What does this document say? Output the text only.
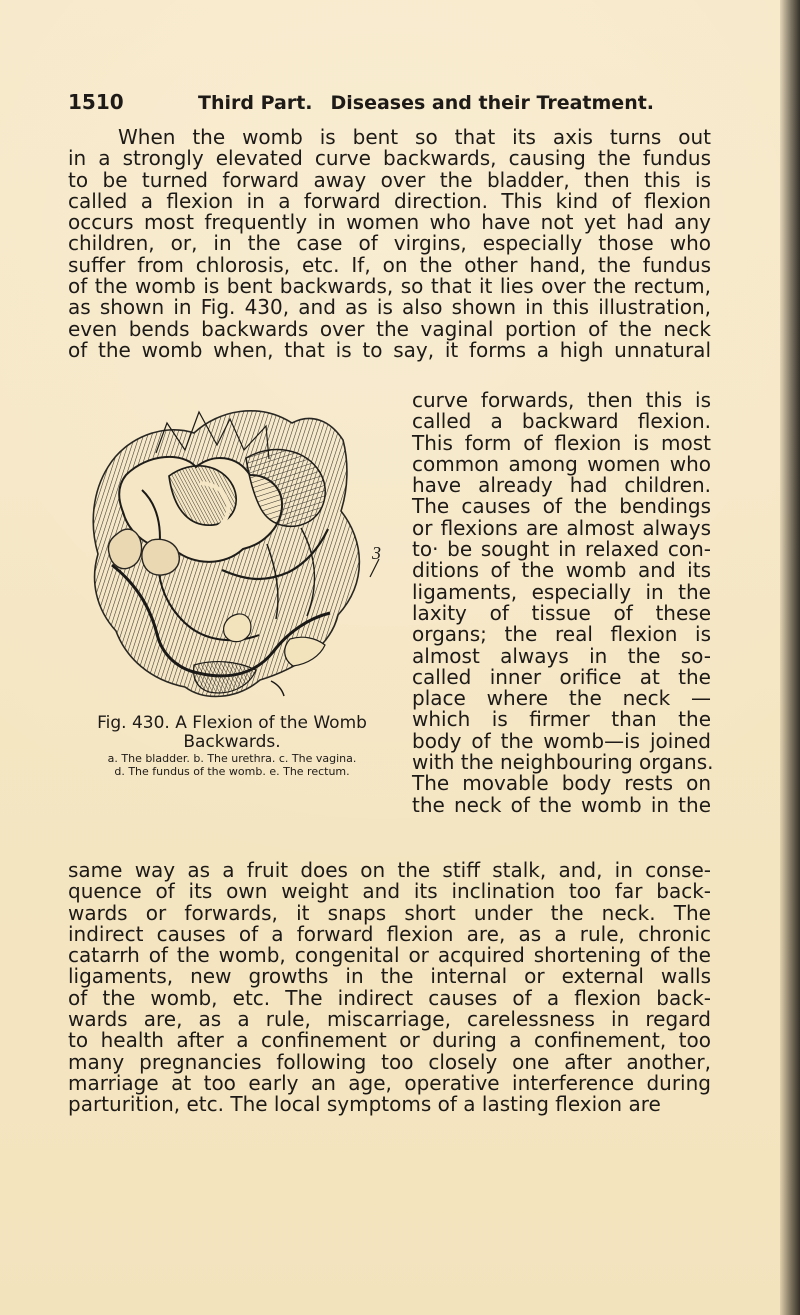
1510	Third Part. Diseases and their Treatment.
When the womb is bent so that its axis turns out
in a strongly elevated curve backwards, causing the fundus
to be turned forward away over the bladder, then this is
called a flexion in a forward direction. This kind of flexion
occurs most frequently in women who have not yet had any
children, or, in the case of virgins, especially those who
suffer from chlorosis, etc. If, on the other hand, the fundus
of the womb is bent backwards, so that it lies over the rectum,
as shown in Fig. 430, and as is also shown in this illustration,
even bends backwards over the vaginal portion of the neck
of the womb when, that is to say, it forms a high unnatural
3
Fig. 430. A Flexion of the Womb
Backwards.
a. The bladder. b. The urethra. c. The vagina.
d. The fundus of the womb. e. The rectum.
curve forwards, then this is
called a backward flexion.
This form of flexion is most
common among women who
have already had children.
The causes of the bendings
or flexions are almost always
to· be sought in relaxed con-
ditions of the womb and its
ligaments, especially in the
laxity of tissue of these
organs; the real flexion is
almost always in the so-
called inner orifice at the
place where the neck —
which is firmer than the
body of the womb—is joined
with the neighbouring organs.
The movable body rests on
the neck of the womb in the
same way as a fruit does on the stiff stalk, and, in conse-
quence of its own weight and its inclination too far back-
wards or forwards, it snaps short under the neck. The
indirect causes of a forward flexion are, as a rule, chronic
catarrh of the womb, congenital or acquired shortening of the
ligaments, new growths in the internal or external walls
of the womb, etc. The indirect causes of a flexion back-
wards are, as a rule, miscarriage, carelessness in regard
to health after a confinement or during a confinement, too
many pregnancies following too closely one after another,
marriage at too early an age, operative interference during
parturition, etc. The local symptoms of a lasting flexion are
